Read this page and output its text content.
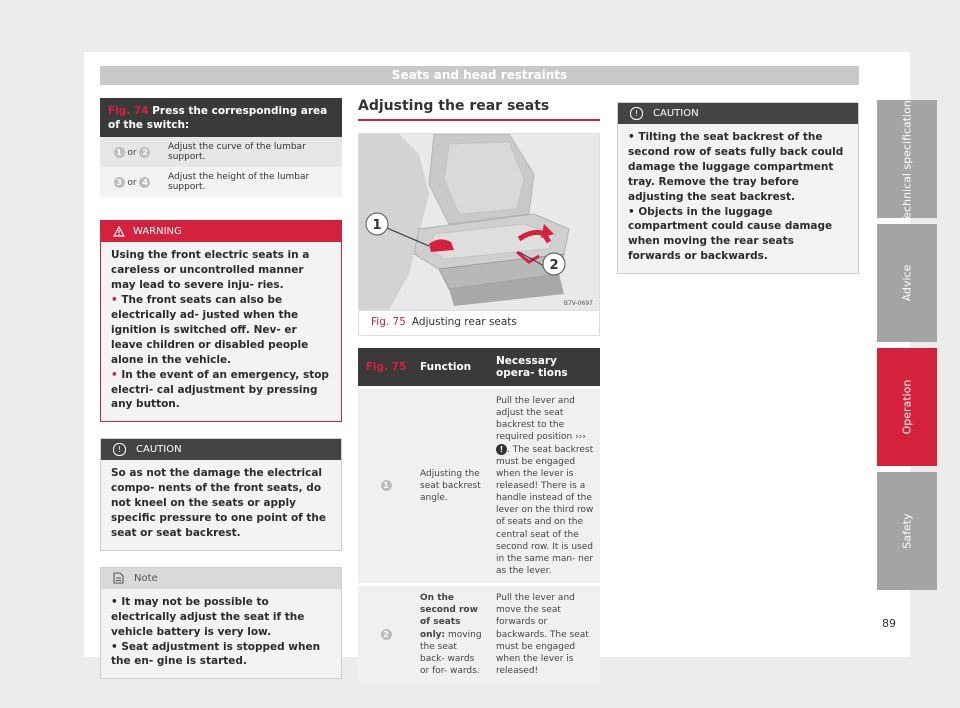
Seats and head restraints
Fig. 74 Press the corresponding area of the switch:
1 or 2	Adjust the curve of the lumbar support.
3 or 4	Adjust the height of the lumbar support.
WARNING

Using the front electric seats in a careless or uncontrolled manner may lead to severe inju- ries.

• The front seats can also be electrically ad- justed when the ignition is switched off. Nev- er leave children or disabled people alone in the vehicle.

• In the event of an emergency, stop electri- cal adjustment by pressing any button.

! CAUTION

So as not the damage the electrical compo- nents of the front seats, do not kneel on the seats or apply specific pressure to one point of the seat or seat backrest.

Note

• It may not be possible to electrically adjust the seat if the vehicle battery is very low.

• Seat adjustment is stopped when the en- gine is started.

Adjusting the rear seats
1
2
B7V-0697
Fig. 75 Adjusting rear seats
Fig. 75	Function	Necessary opera- tions
1	Adjusting the seat backrest angle.	Pull the lever and adjust the seat backrest to the required position ››› ! . The seat backrest must be engaged when the lever is released! There is a handle instead of the lever on the third row of seats and on the central seat of the second row. It is used in the same man- ner as the lever.
2	On the second row of seats only: moving the seat back- wards or for- wards.	Pull the lever and move the seat forwards or backwards. The seat must be engaged when the lever is released!
! CAUTION

• Tilting the seat backrest of the second row of seats fully back could damage the luggage compartment tray. Remove the tray before adjusting the seat backrest.

• Objects in the luggage compartment could cause damage when moving the rear seats forwards or backwards.

Technical specifications
Advice
Operation
Safety
89
